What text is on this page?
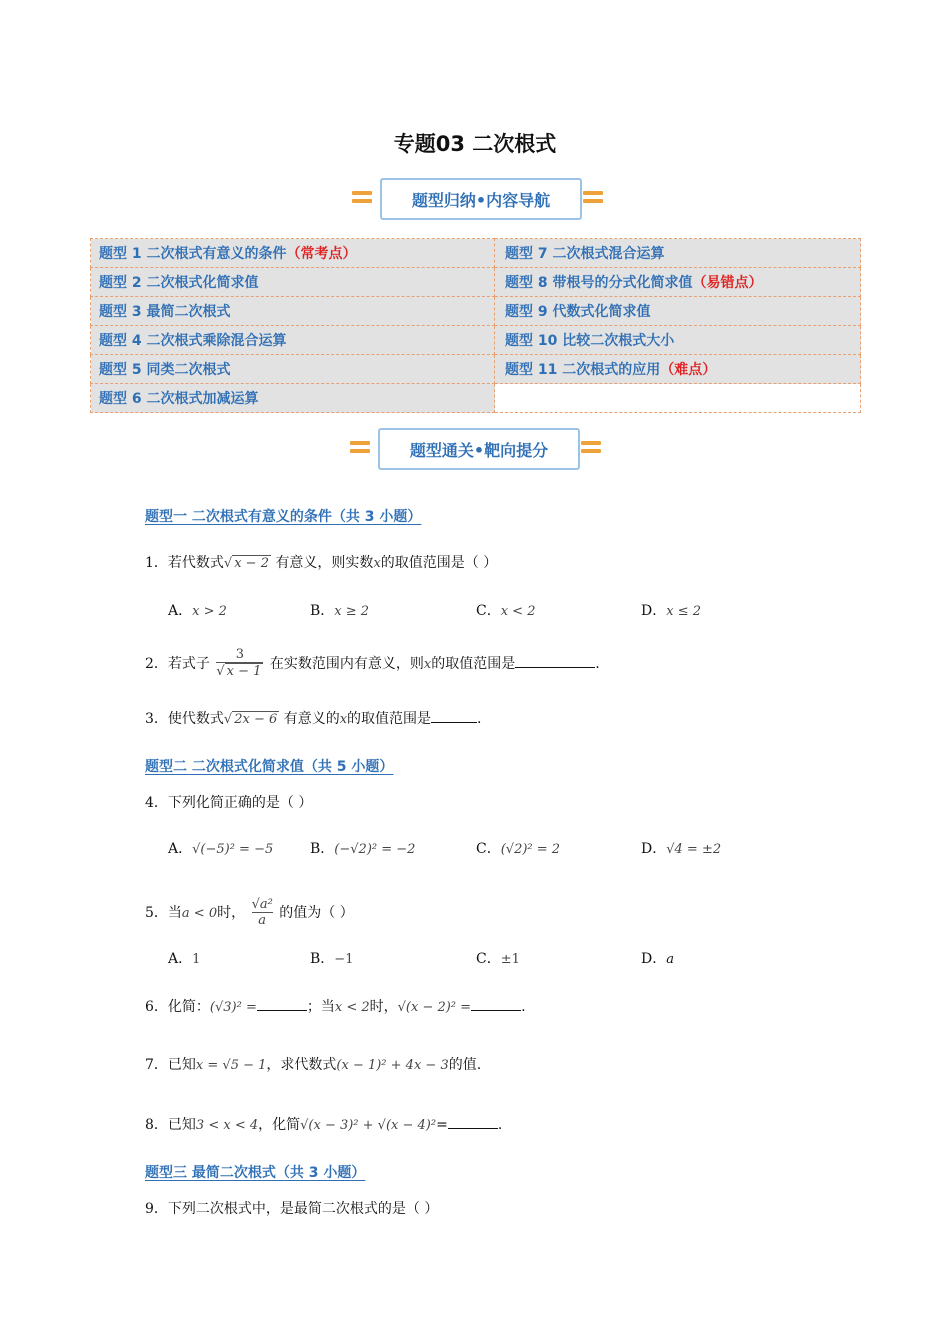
专题03 二次根式
题型归纳•内容导航
题型 1 二次根式有意义的条件（常考点）	题型 7 二次根式混合运算
题型 2 二次根式化简求值	题型 8 带根号的分式化简求值（易错点）
题型 3 最简二次根式	题型 9 代数式化简求值
题型 4 二次根式乘除混合运算	题型 10 比较二次根式大小
题型 5 同类二次根式	题型 11 二次根式的应用（难点）
题型 6 二次根式加减运算	
题型通关•靶向提分
题型一 二次根式有意义的条件（共 3 小题）
1．若代数式√ x − 2 有意义，则实数x的取值范围是（ ）
A．x > 2	B．x ≥ 2	C．x < 2	D．x ≤ 2
2．若式子 $\frac{3}{√ x - 1}$ 在实数范围内有意义，则x的取值范围是	.
3．使代数式√ 2x − 6 有意义的x的取值范围是	.
题型二 二次根式化简求值（共 5 小题）
4．下列化简正确的是（ ）
A．√(−5)² = −5	B．(−√2)² = −2	C．(√2)² = 2	D．√4 = ±2
5．当a < 0时， $\frac{\text{√a²}}{a}$ 的值为（ ）
A．1	B．−1	C．±1	D．a
6．化简：(√3)² =	；当x < 2时，√(x − 2)² =	.
7．已知x = √5 − 1，求代数式(x − 1)² + 4x − 3的值.
8．已知3 < x < 4，化简√(x − 3)² + √(x − 4)²=	.
题型三 最简二次根式（共 3 小题）
9．下列二次根式中，是最简二次根式的是（ ）
